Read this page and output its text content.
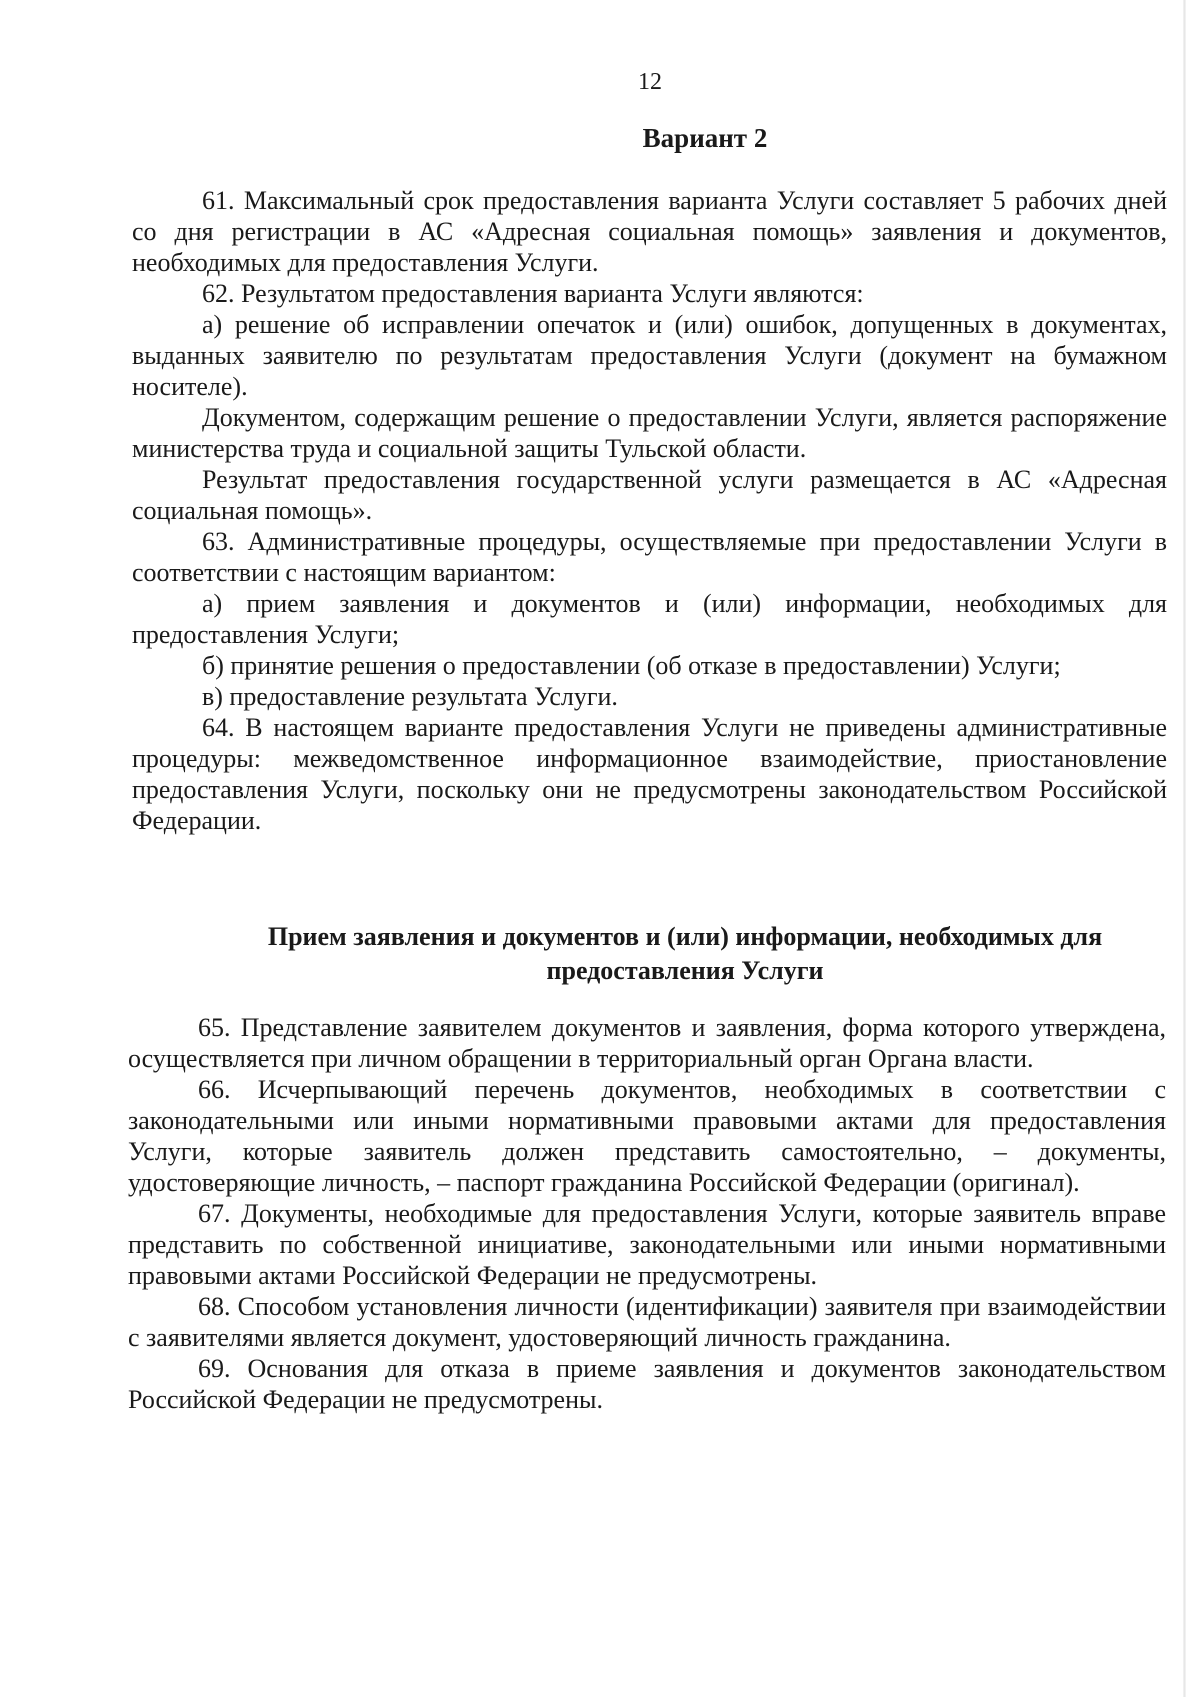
12
Вариант 2

61. Максимальный срок предоставления варианта Услуги составляет 5 рабочих дней со дня регистрации в АС «Адресная социальная помощь» заявления и документов, необходимых для предоставления Услуги.

62. Результатом предоставления варианта Услуги являются:

а) решение об исправлении опечаток и (или) ошибок, допущенных в документах, выданных заявителю по результатам предоставления Услуги (документ на бумажном носителе).

Документом, содержащим решение о предоставлении Услуги, является распоряжение министерства труда и социальной защиты Тульской области.

Результат предоставления государственной услуги размещается в АС «Адресная социальная помощь».

63. Административные процедуры, осуществляемые при предоставлении Услуги в соответствии с настоящим вариантом:

а) прием заявления и документов и (или) информации, необходимых для предоставления Услуги;

б) принятие решения о предоставлении (об отказе в предоставлении) Услуги;

в) предоставление результата Услуги.

64. В настоящем варианте предоставления Услуги не приведены административные процедуры: межведомственное информационное взаимодействие, приостановление предоставления Услуги, поскольку они не предусмотрены законодательством Российской Федерации.

Прием заявления и документов и (или) информации, необходимых для предоставления Услуги

65. Представление заявителем документов и заявления, форма которого утверждена, осуществляется при личном обращении в территориальный орган Органа власти.

66. Исчерпывающий перечень документов, необходимых в соответствии с законодательными или иными нормативными правовыми актами для предоставления Услуги, которые заявитель должен представить самостоятельно, – документы, удостоверяющие личность, – паспорт гражданина Российской Федерации (оригинал).

67. Документы, необходимые для предоставления Услуги, которые заявитель вправе представить по собственной инициативе, законодательными или иными нормативными правовыми актами Российской Федерации не предусмотрены.

68. Способом установления личности (идентификации) заявителя при взаимодействии с заявителями является документ, удостоверяющий личность гражданина.

69. Основания для отказа в приеме заявления и документов законодательством Российской Федерации не предусмотрены.
